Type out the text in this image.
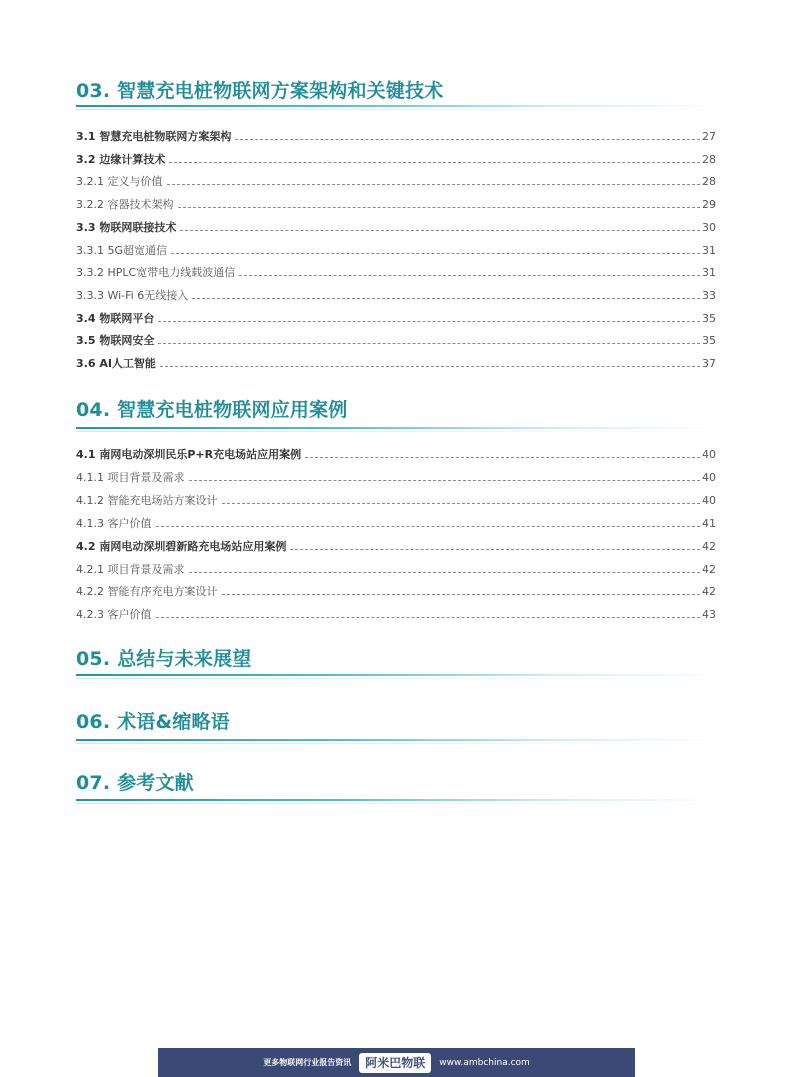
03. 智慧充电桩物联网方案架构和关键技术
3.1 智慧充电桩物联网方案架构	27
3.2 边缘计算技术	28
3.2.1 定义与价值	28
3.2.2 容器技术架构	29
3.3 物联网联接技术	30
3.3.1 5G超宽通信	31
3.3.2 HPLC宽带电力线载波通信	31
3.3.3 Wi-Fi 6无线接入	33
3.4 物联网平台	35
3.5 物联网安全	35
3.6 AI人工智能	37
04. 智慧充电桩物联网应用案例
4.1 南网电动深圳民乐P+R充电场站应用案例	40
4.1.1 项目背景及需求	40
4.1.2 智能充电场站方案设计	40
4.1.3 客户价值	41
4.2 南网电动深圳碧新路充电场站应用案例	42
4.2.1 项目背景及需求	42
4.2.2 智能有序充电方案设计	42
4.2.3 客户价值	43
05. 总结与未来展望
06. 术语&缩略语
07. 参考文献
更多物联网行业报告资讯	阿米巴物联	www.ambchina.com
